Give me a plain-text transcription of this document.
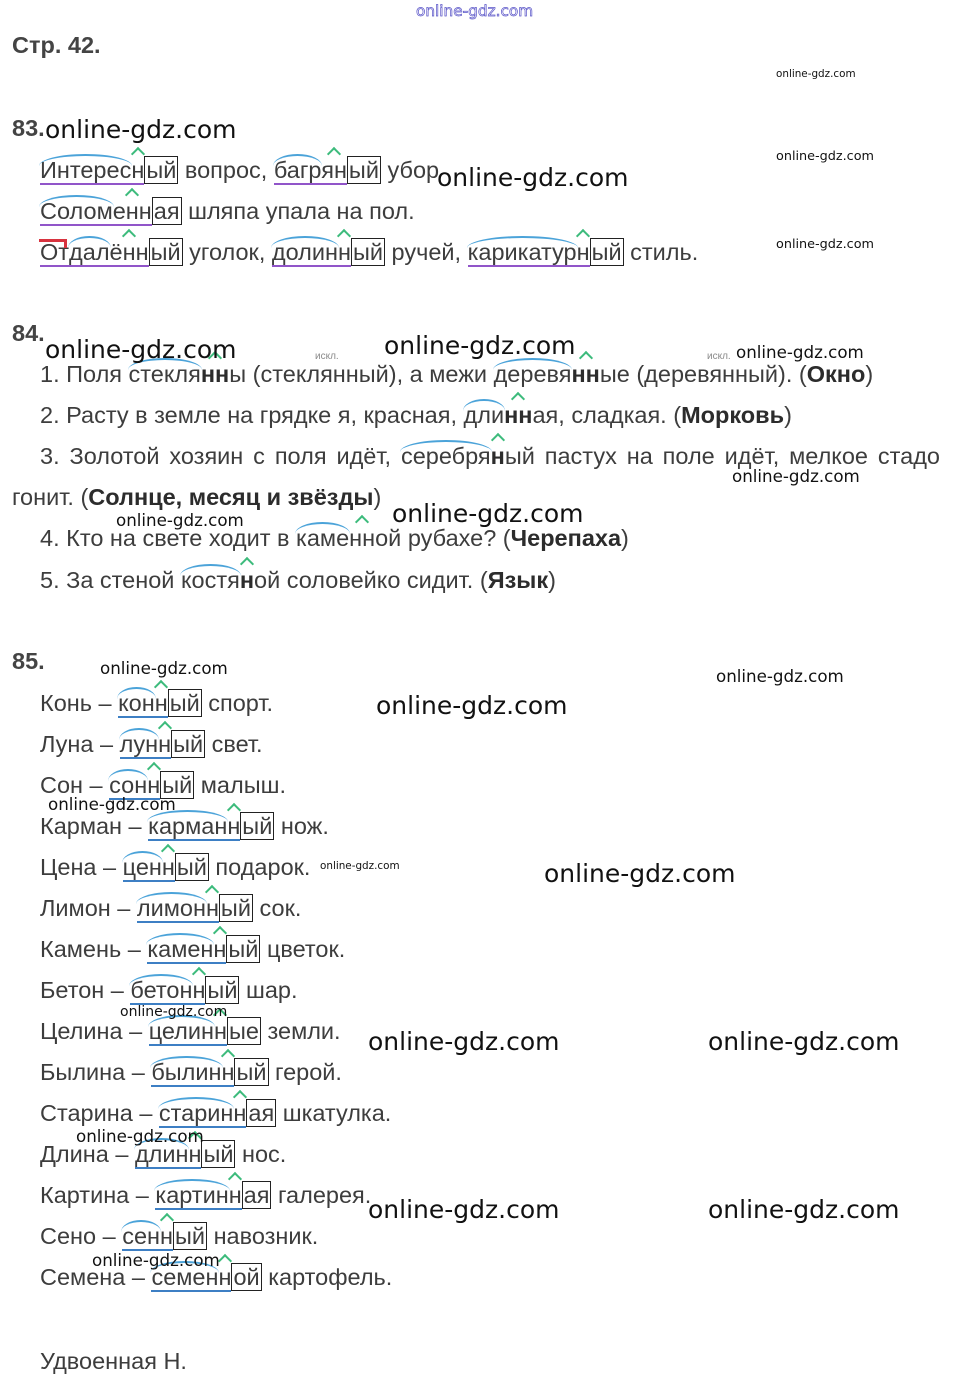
online-gdz.com
Стр. 42.
83.
84.
85.
Интересный вопрос, багряный убор
Соломенная шляпа упала на пол.
Отдалённый уголок, долинный ручей, карикатурный стиль.
1. Поля стеклянны (стеклянный), а межи деревянные (деревянный). (Окно)
2. Расту в земле на грядке я, красная, длинная, сладкая. (Морковь)
3. Золотой хозяин с поля идёт, серебряный пастух на поле идёт, мелкое стадо
гонит. (Солнце, месяц и звёзды)
4. Кто на свете ходит в каменной рубахе? (Черепаха)
5. За стеной костяной соловейко сидит. (Язык)
Конь – конный спорт.
Луна – лунный свет.
Сон – сонный малыш.
Карман – карманный нож.
Цена – ценный подарок.
Лимон – лимонный сок.
Камень – каменный цветок.
Бетон – бетонный шар.
Целина – целинные земли.
Былина – былинный герой.
Старина – старинная шкатулка.
Длина – длинный нос.
Картина – картинная галерея.
Сено – сенный навозник.
Семена – семенной картофель.
Удвоенная Н.
искл.	искл.
online-gdz.com
online-gdz.com
online-gdz.com
online-gdz.com
online-gdz.com
online-gdz.com	online-gdz.com	online-gdz.com
online-gdz.com
online-gdz.com
online-gdz.com
online-gdz.com	online-gdz.com
online-gdz.com
online-gdz.com
online-gdz.com	online-gdz.com
online-gdz.com
online-gdz.com	online-gdz.com
online-gdz.com
online-gdz.com	online-gdz.com
online-gdz.com
